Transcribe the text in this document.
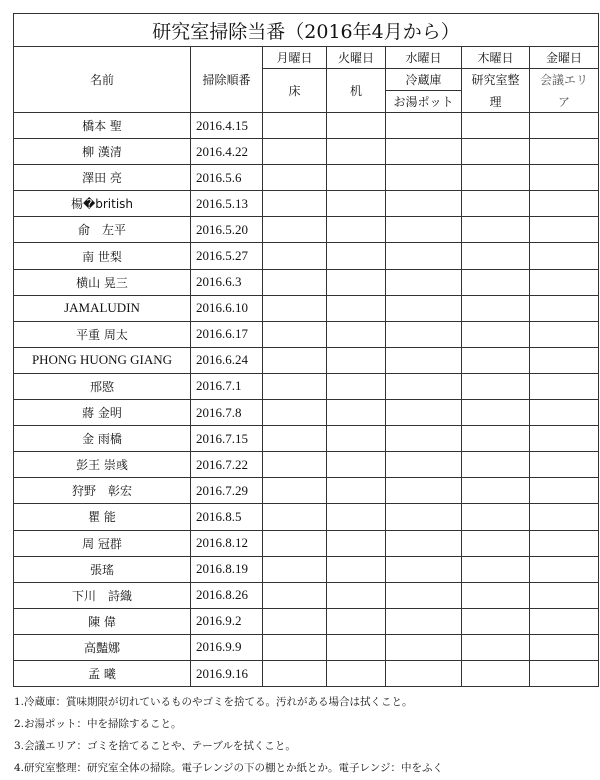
研究室掃除当番（2016年4月から）						
名前	掃除順番	月曜日	火曜日	水曜日	木曜日	金曜日
		床	机	冷蔵庫	研究室整	会議エリ
				お湯ポット	理	ア
橋本 聖	2016.4.15					
柳 漢清	2016.4.22					
澤田 亮	2016.5.6					
楊�british	2016.5.13					
俞　左平	2016.5.20					
南 世梨	2016.5.27					
横山 晃三	2016.6.3					
JAMALUDIN	2016.6.10					
平重 周太	2016.6.17					
PHONG HUONG GIANG	2016.6.24					
邢愍	2016.7.1					
蔣 金明	2016.7.8					
金 雨橋	2016.7.15					
彭王 崇彧	2016.7.22					
狩野　彰宏	2016.7.29					
瞿 能	2016.8.5					
周 冠群	2016.8.12					
張瑤	2016.8.19					
下川　詩織	2016.8.26					
陳 偉	2016.9.2					
高豔娜	2016.9.9					
孟 曦	2016.9.16					
1.冷蔵庫：賞味期限が切れているものやゴミを捨てる。汚れがある場合は拭くこと。
2.お湯ポット：中を掃除すること。
3.会議エリア：ゴミを捨てることや、テーブルを拭くこと。
4.研究室整理：研究室全体の掃除。電子レンジの下の棚とか紙とか。電子レンジ：中をふく
